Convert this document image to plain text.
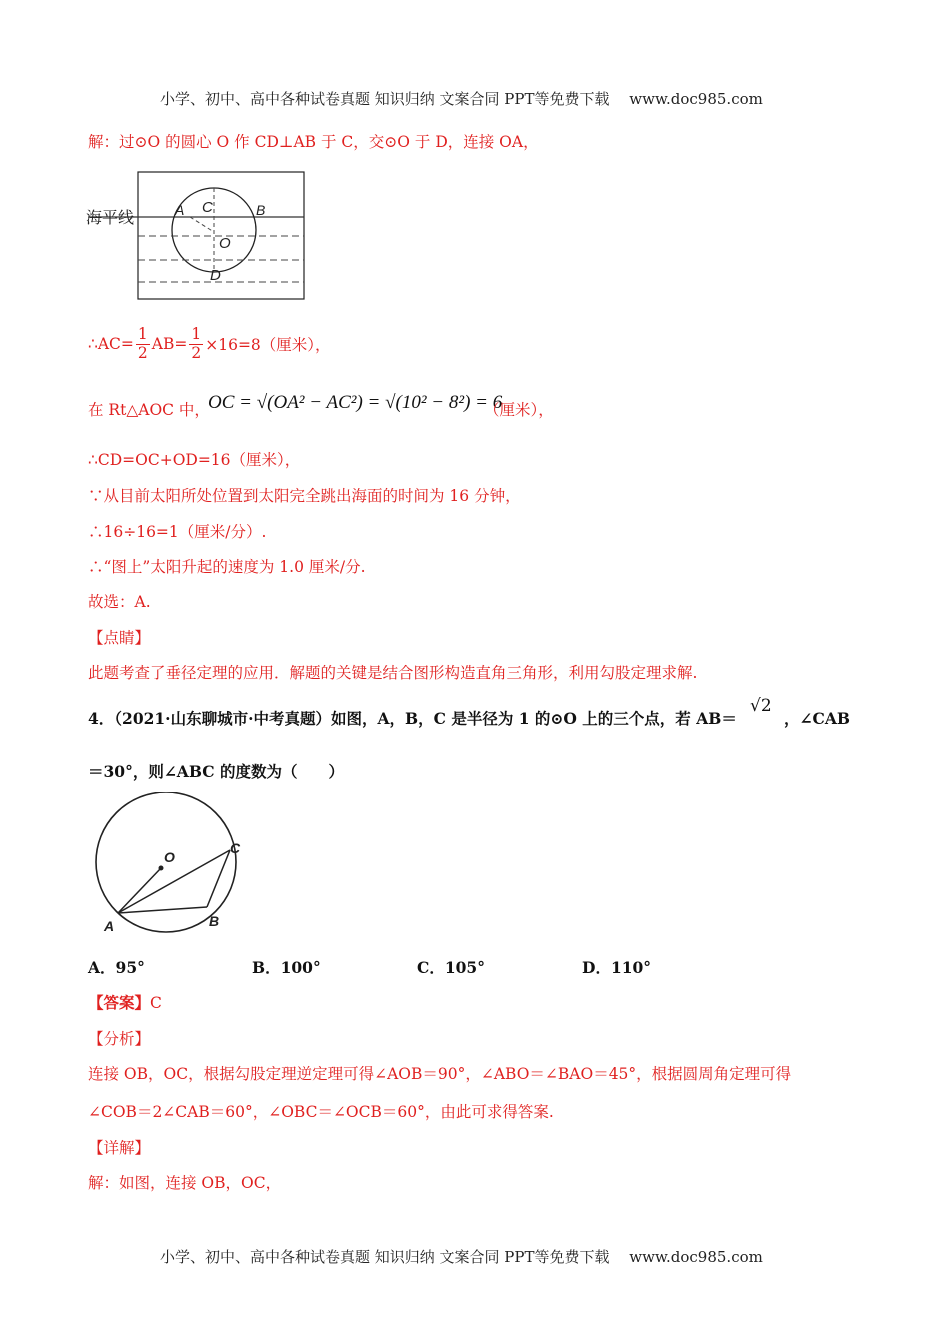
小学、初中、高中各种试卷真题 知识归纳 文案合同 PPT等免费下载　 www.doc985.com
解：过⊙O 的圆心 O 作 CD⊥AB 于 C，交⊙O 于 D，连接 OA，
海平线	A C	B
O
D
∴AC= $\frac{1}{2} AB= \frac{1}{2} \times 16=8$（厘米），
在 Rt△AOC 中，
OC = √(OA² − AC²) = √(10² − 8²) = 6
（厘米），
∴CD=OC+OD=16（厘米），
∵从目前太阳所处位置到太阳完全跳出海面的时间为 16 分钟，
∴16÷16=1（厘米/分）.
∴“图上”太阳升起的速度为 1.0 厘米/分.
故选：A.
【点睛】
此题考查了垂径定理的应用．解题的关键是结合图形构造直角三角形，利用勾股定理求解.
4．（2021·山东聊城市·中考真题）如图，A，B，C 是半径为 1 的⊙O 上的三个点，若 AB＝
√2
，∠CAB
＝30°，则∠ABC 的度数为（　　）
O
C
A	B
A．95°	B．100°	C．105°	D．110°
【答案】C
【分析】
连接 OB，OC，根据勾股定理逆定理可得∠AOB＝90°，∠ABO＝∠BAO＝45°，根据圆周角定理可得
∠COB＝2∠CAB＝60°，∠OBC＝∠OCB＝60°，由此可求得答案.
【详解】
解：如图，连接 OB，OC，
小学、初中、高中各种试卷真题 知识归纳 文案合同 PPT等免费下载　 www.doc985.com
